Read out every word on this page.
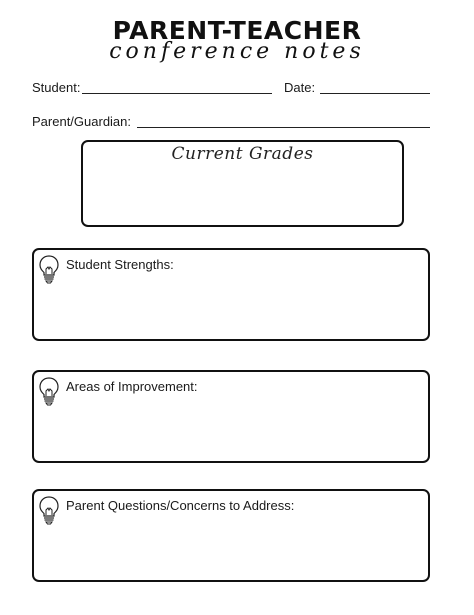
PARENT-TEACHER
conference notes
Student:	Date:
Parent/Guardian:
Current Grades
Student Strengths:
Areas of Improvement:
Parent Questions/Concerns to Address:
